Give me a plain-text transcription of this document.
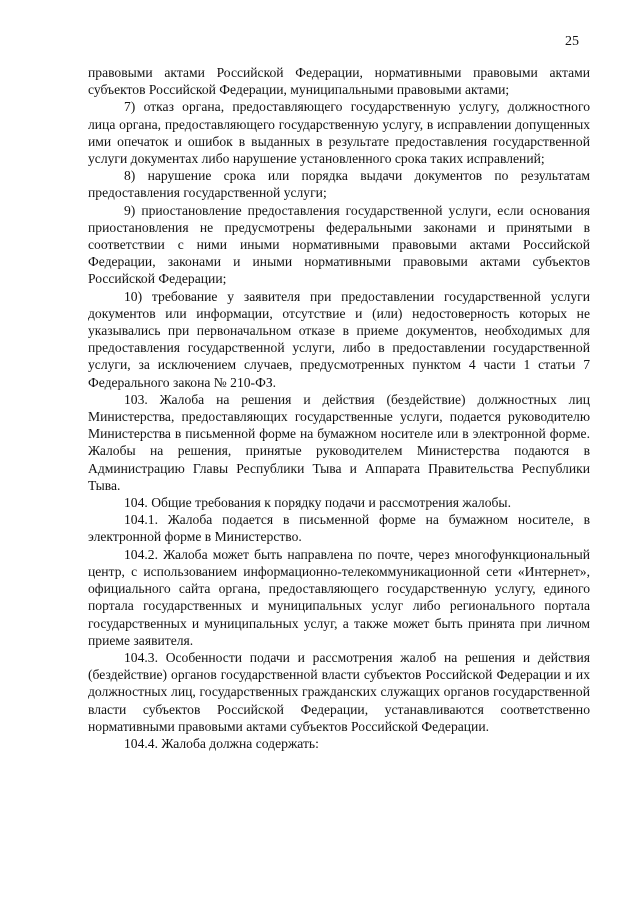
25

правовыми актами Российской Федерации, нормативными правовыми актами субъектов Российской Федерации, муниципальными правовыми актами;

7) отказ органа, предоставляющего государственную услугу, должностного лица органа, предоставляющего государственную услугу, в исправлении допущенных ими опечаток и ошибок в выданных в результате предоставления государственной услуги документах либо нарушение установленного срока таких исправлений;

8) нарушение срока или порядка выдачи документов по результатам предоставления государственной услуги;

9) приостановление предоставления государственной услуги, если основания приостановления не предусмотрены федеральными законами и принятыми в соответствии с ними иными нормативными правовыми актами Российской Федерации, законами и иными нормативными правовыми актами субъектов Российской Федерации;

10) требование у заявителя при предоставлении государственной услуги документов или информации, отсутствие и (или) недостоверность которых не указывались при первоначальном отказе в приеме документов, необходимых для предоставления государственной услуги, либо в предоставлении государственной услуги, за исключением случаев, предусмотренных пунктом 4 части 1 статьи 7 Федерального закона № 210-ФЗ.

103. Жалоба на решения и действия (бездействие) должностных лиц Министерства, предоставляющих государственные услуги, подается руководителю Министерства в письменной форме на бумажном носителе или в электронной форме. Жалобы на решения, принятые руководителем Министерства подаются в Администрацию Главы Республики Тыва и Аппарата Правительства Республики Тыва.

104. Общие требования к порядку подачи и рассмотрения жалобы.

104.1. Жалоба подается в письменной форме на бумажном носителе, в электронной форме в Министерство.

104.2. Жалоба может быть направлена по почте, через многофункциональный центр, с использованием информационно-телекоммуникационной сети «Интернет», официального сайта органа, предоставляющего государственную услугу, единого портала государственных и муниципальных услуг либо регионального портала государственных и муниципальных услуг, а также может быть принята при личном приеме заявителя.

104.3. Особенности подачи и рассмотрения жалоб на решения и действия (бездействие) органов государственной власти субъектов Российской Федерации и их должностных лиц, государственных гражданских служащих органов государственной власти субъектов Российской Федерации, устанавливаются соответственно нормативными правовыми актами субъектов Российской Федерации.

104.4. Жалоба должна содержать:
